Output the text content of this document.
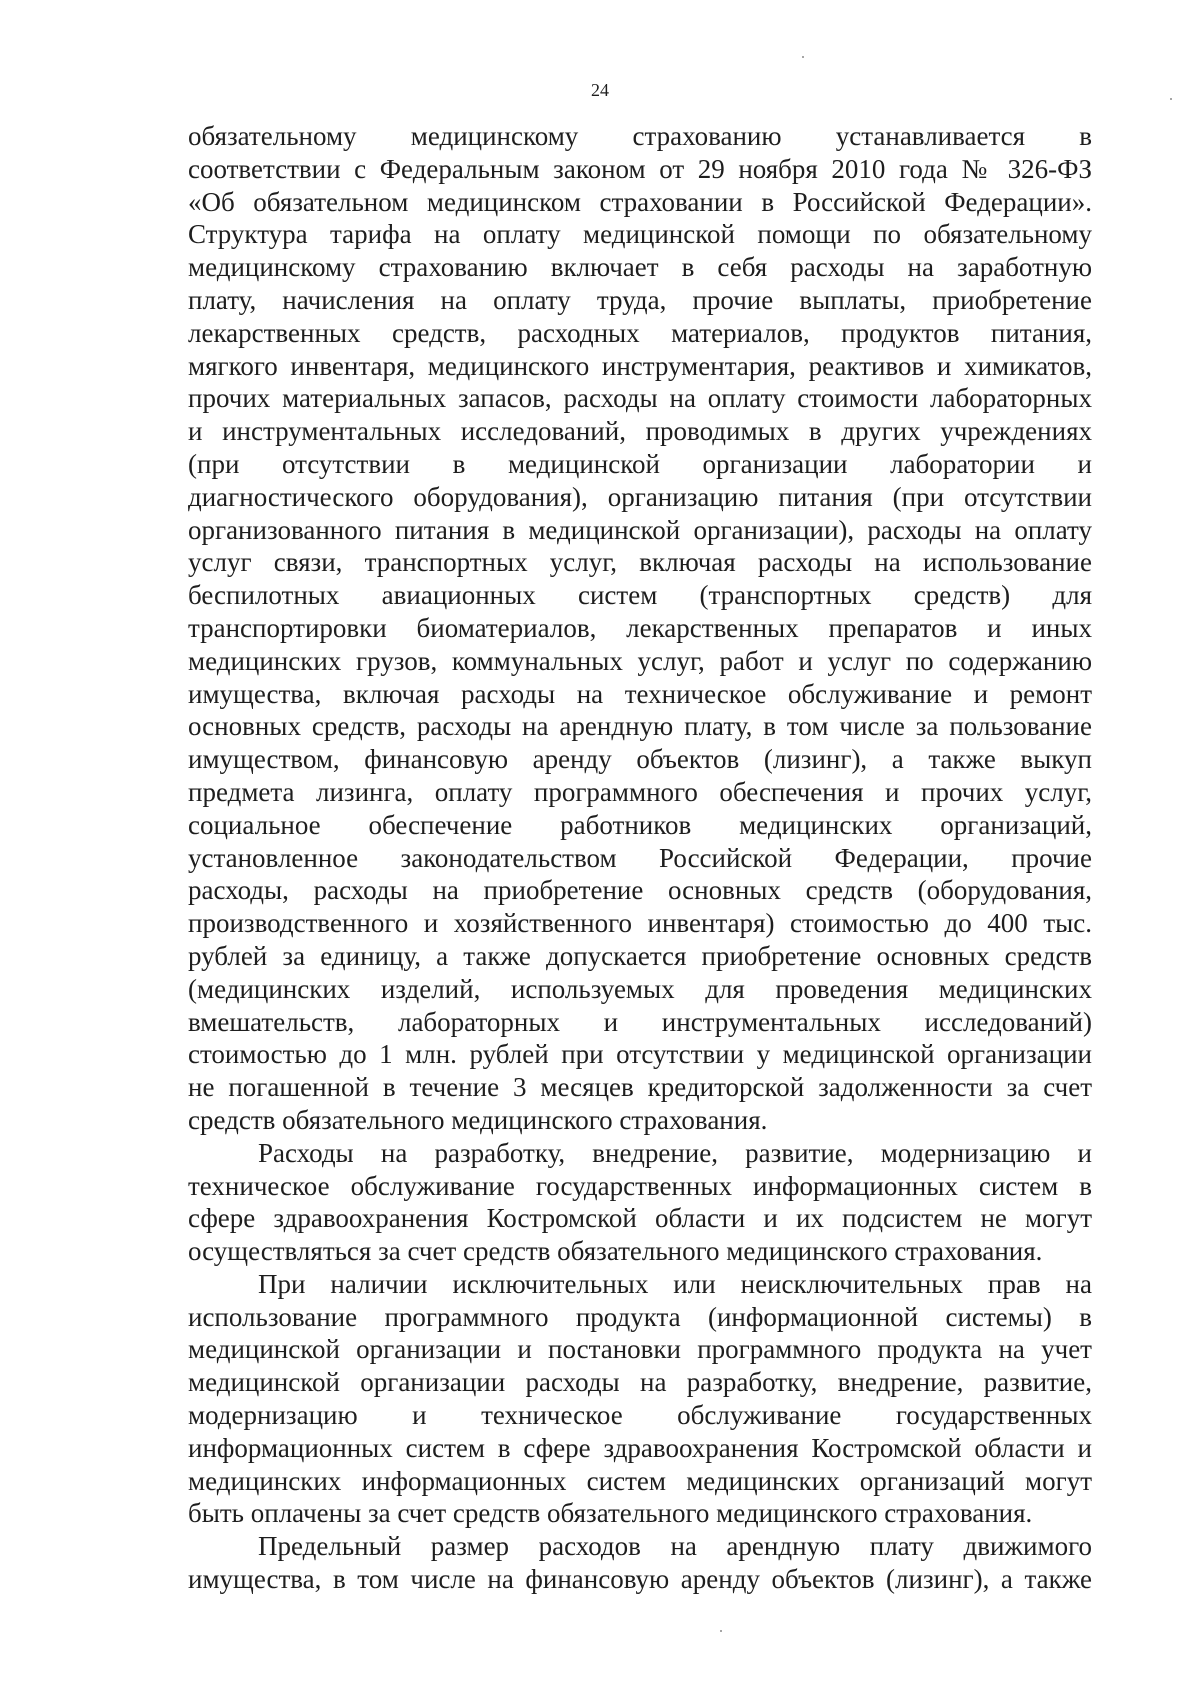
24
обязательному медицинскому страхованию устанавливается в
соответствии с Федеральным законом от 29 ноября 2010 года № 326-ФЗ
«Об обязательном медицинском страховании в Российской Федерации».
Структура тарифа на оплату медицинской помощи по обязательному
медицинскому страхованию включает в себя расходы на заработную
плату, начисления на оплату труда, прочие выплаты, приобретение
лекарственных средств, расходных материалов, продуктов питания,
мягкого инвентаря, медицинского инструментария, реактивов и химикатов,
прочих материальных запасов, расходы на оплату стоимости лабораторных
и инструментальных исследований, проводимых в других учреждениях
(при отсутствии в медицинской организации лаборатории и
диагностического оборудования), организацию питания (при отсутствии
организованного питания в медицинской организации), расходы на оплату
услуг связи, транспортных услуг, включая расходы на использование
беспилотных авиационных систем (транспортных средств) для
транспортировки биоматериалов, лекарственных препаратов и иных
медицинских грузов, коммунальных услуг, работ и услуг по содержанию
имущества, включая расходы на техническое обслуживание и ремонт
основных средств, расходы на арендную плату, в том числе за пользование
имуществом, финансовую аренду объектов (лизинг), а также выкуп
предмета лизинга, оплату программного обеспечения и прочих услуг,
социальное обеспечение работников медицинских организаций,
установленное законодательством Российской Федерации, прочие
расходы, расходы на приобретение основных средств (оборудования,
производственного и хозяйственного инвентаря) стоимостью до 400 тыс.
рублей за единицу, а также допускается приобретение основных средств
(медицинских изделий, используемых для проведения медицинских
вмешательств, лабораторных и инструментальных исследований)
стоимостью до 1 млн. рублей при отсутствии у медицинской организации
не погашенной в течение 3 месяцев кредиторской задолженности за счет
средств обязательного медицинского страхования.
Расходы на разработку, внедрение, развитие, модернизацию и
техническое обслуживание государственных информационных систем в
сфере здравоохранения Костромской области и их подсистем не могут
осуществляться за счет средств обязательного медицинского страхования.
При наличии исключительных или неисключительных прав на
использование программного продукта (информационной системы) в
медицинской организации и постановки программного продукта на учет
медицинской организации расходы на разработку, внедрение, развитие,
модернизацию и техническое обслуживание государственных
информационных систем в сфере здравоохранения Костромской области и
медицинских информационных систем медицинских организаций могут
быть оплачены за счет средств обязательного медицинского страхования.
Предельный размер расходов на арендную плату движимого
имущества, в том числе на финансовую аренду объектов (лизинг), а также
